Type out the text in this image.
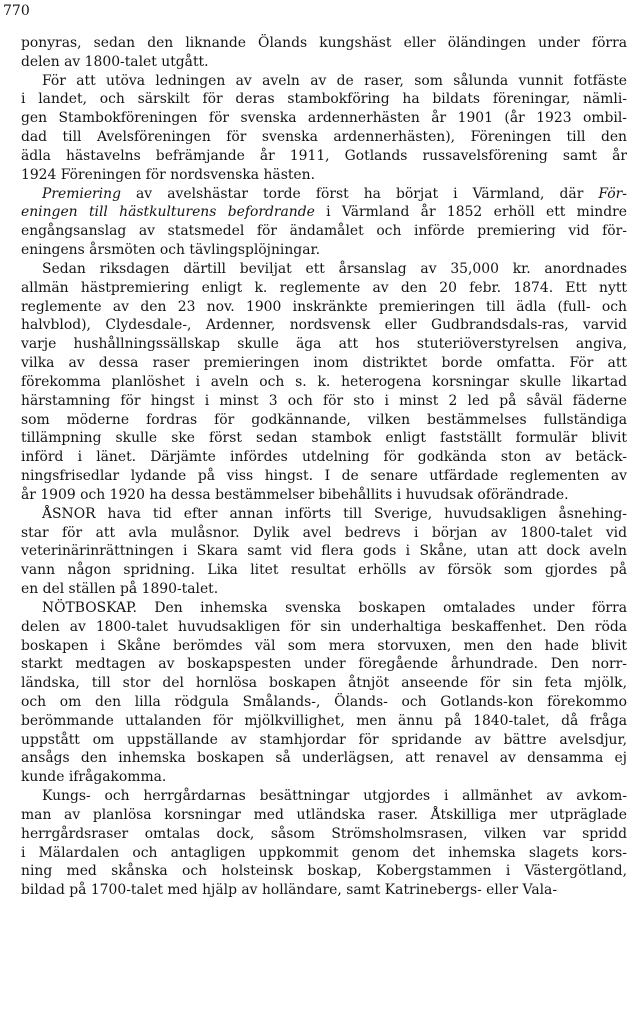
770
ponyras, sedan den liknande Ölands kungshäst eller öländingen under förra
delen av 1800-talet utgått.
För att utöva ledningen av aveln av de raser, som sålunda vunnit fotfäste
i landet, och särskilt för deras stambokföring ha bildats föreningar, nämli-
gen Stambokföreningen för svenska ardennerhästen år 1901 (år 1923 ombil-
dad till Avelsföreningen för svenska ardennerhästen), Föreningen till den
ädla hästavelns befrämjande år 1911, Gotlands russavelsförening samt år
1924 Föreningen för nordsvenska hästen.
Premiering av avelshästar torde först ha börjat i Värmland, där För-
eningen till hästkulturens befordrande i Värmland år 1852 erhöll ett mindre
engångsanslag av statsmedel för ändamålet och införde premiering vid för-
eningens årsmöten och tävlingsplöjningar.
Sedan riksdagen därtill beviljat ett årsanslag av 35,000 kr. anordnades
allmän hästpremiering enligt k. reglemente av den 20 febr. 1874. Ett nytt
reglemente av den 23 nov. 1900 inskränkte premieringen till ädla (full- och
halvblod), Clydesdale-, Ardenner, nordsvensk eller Gudbrandsdals-ras, varvid
varje hushållningssällskap skulle äga att hos stuteriöverstyrelsen angiva,
vilka av dessa raser premieringen inom distriktet borde omfatta. För att
förekomma planlöshet i aveln och s. k. heterogena korsningar skulle likartad
härstamning för hingst i minst 3 och för sto i minst 2 led på såväl fäderne
som möderne fordras för godkännande, vilken bestämmelses fullständiga
tillämpning skulle ske först sedan stambok enligt fastställt formulär blivit
införd i länet. Därjämte infördes utdelning för godkända ston av betäck-
ningsfrisedlar lydande på viss hingst. I de senare utfärdade reglementen av
år 1909 och 1920 ha dessa bestämmelser bibehållits i huvudsak oförändrade.
ÅSNOR hava tid efter annan införts till Sverige, huvudsakligen åsnehing-
star för att avla mulåsnor. Dylik avel bedrevs i början av 1800-talet vid
veterinärinrättningen i Skara samt vid flera gods i Skåne, utan att dock aveln
vann någon spridning. Lika litet resultat erhölls av försök som gjordes på
en del ställen på 1890-talet.
NÖTBOSKAP. Den inhemska svenska boskapen omtalades under förra
delen av 1800-talet huvudsakligen för sin underhaltiga beskaffenhet. Den röda
boskapen i Skåne berömdes väl som mera storvuxen, men den hade blivit
starkt medtagen av boskapspesten under föregående århundrade. Den norr-
ländska, till stor del hornlösa boskapen åtnjöt anseende för sin feta mjölk,
och om den lilla rödgula Smålands-, Ölands- och Gotlands-kon förekommo
berömmande uttalanden för mjölkvillighet, men ännu på 1840-talet, då fråga
uppstått om uppställande av stamhjordar för spridande av bättre avelsdjur,
ansågs den inhemska boskapen så underlägsen, att renavel av densamma ej
kunde ifrågakomma.
Kungs- och herrgårdarnas besättningar utgjordes i allmänhet av avkom-
man av planlösa korsningar med utländska raser. Åtskilliga mer utpräglade
herrgårdsraser omtalas dock, såsom Strömsholmsrasen, vilken var spridd
i Mälardalen och antagligen uppkommit genom det inhemska slagets kors-
ning med skånska och holsteinsk boskap, Kobergstammen i Västergötland,
bildad på 1700-talet med hjälp av holländare, samt Katrinebergs- eller Vala-
